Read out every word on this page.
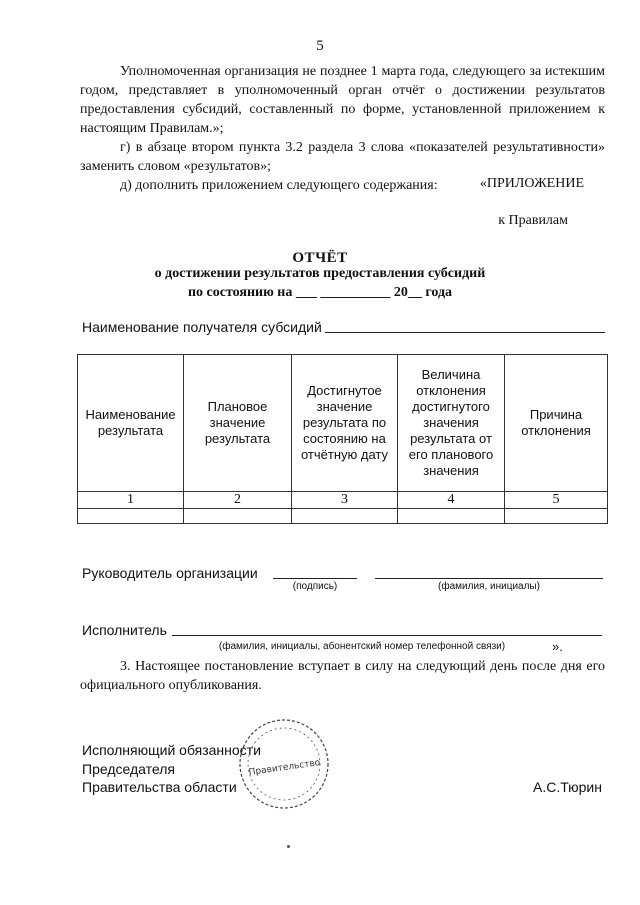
5

Уполномоченная организация не позднее 1 марта года, следующего за истекшим годом, представляет в уполномоченный орган отчёт о достижении результатов предоставления субсидий, составленный по форме, установленной приложением к настоящим Правилам.»;

г) в абзаце втором пункта 3.2 раздела 3 слова «показателей результативности» заменить словом «результатов»;

д) дополнить приложением следующего содержания:	«ПРИЛОЖЕНИЕ
к Правилам
ОТЧЁТ
о достижении результатов предоставления субсидий
по состоянию на ___ __________ 20__ года
Наименование получателя субсидий
Наименование результата	Плановое значение результата	Достигнутое значение результата по состоянию на отчётную дату	Величина отклонения достигнутого значения результата от его планового значения	Причина отклонения
1	2	3	4	5

Руководитель организации
(подпись)	(фамилия, инициалы)
Исполнитель
(фамилия, инициалы, абонентский номер телефонной связи)	».

3. Настоящее постановление вступает в силу на следующий день после дня его официального опубликования.

Исполняющий обязанности
Председателя
Правительства области	А.С.Тюрин
Правительство
